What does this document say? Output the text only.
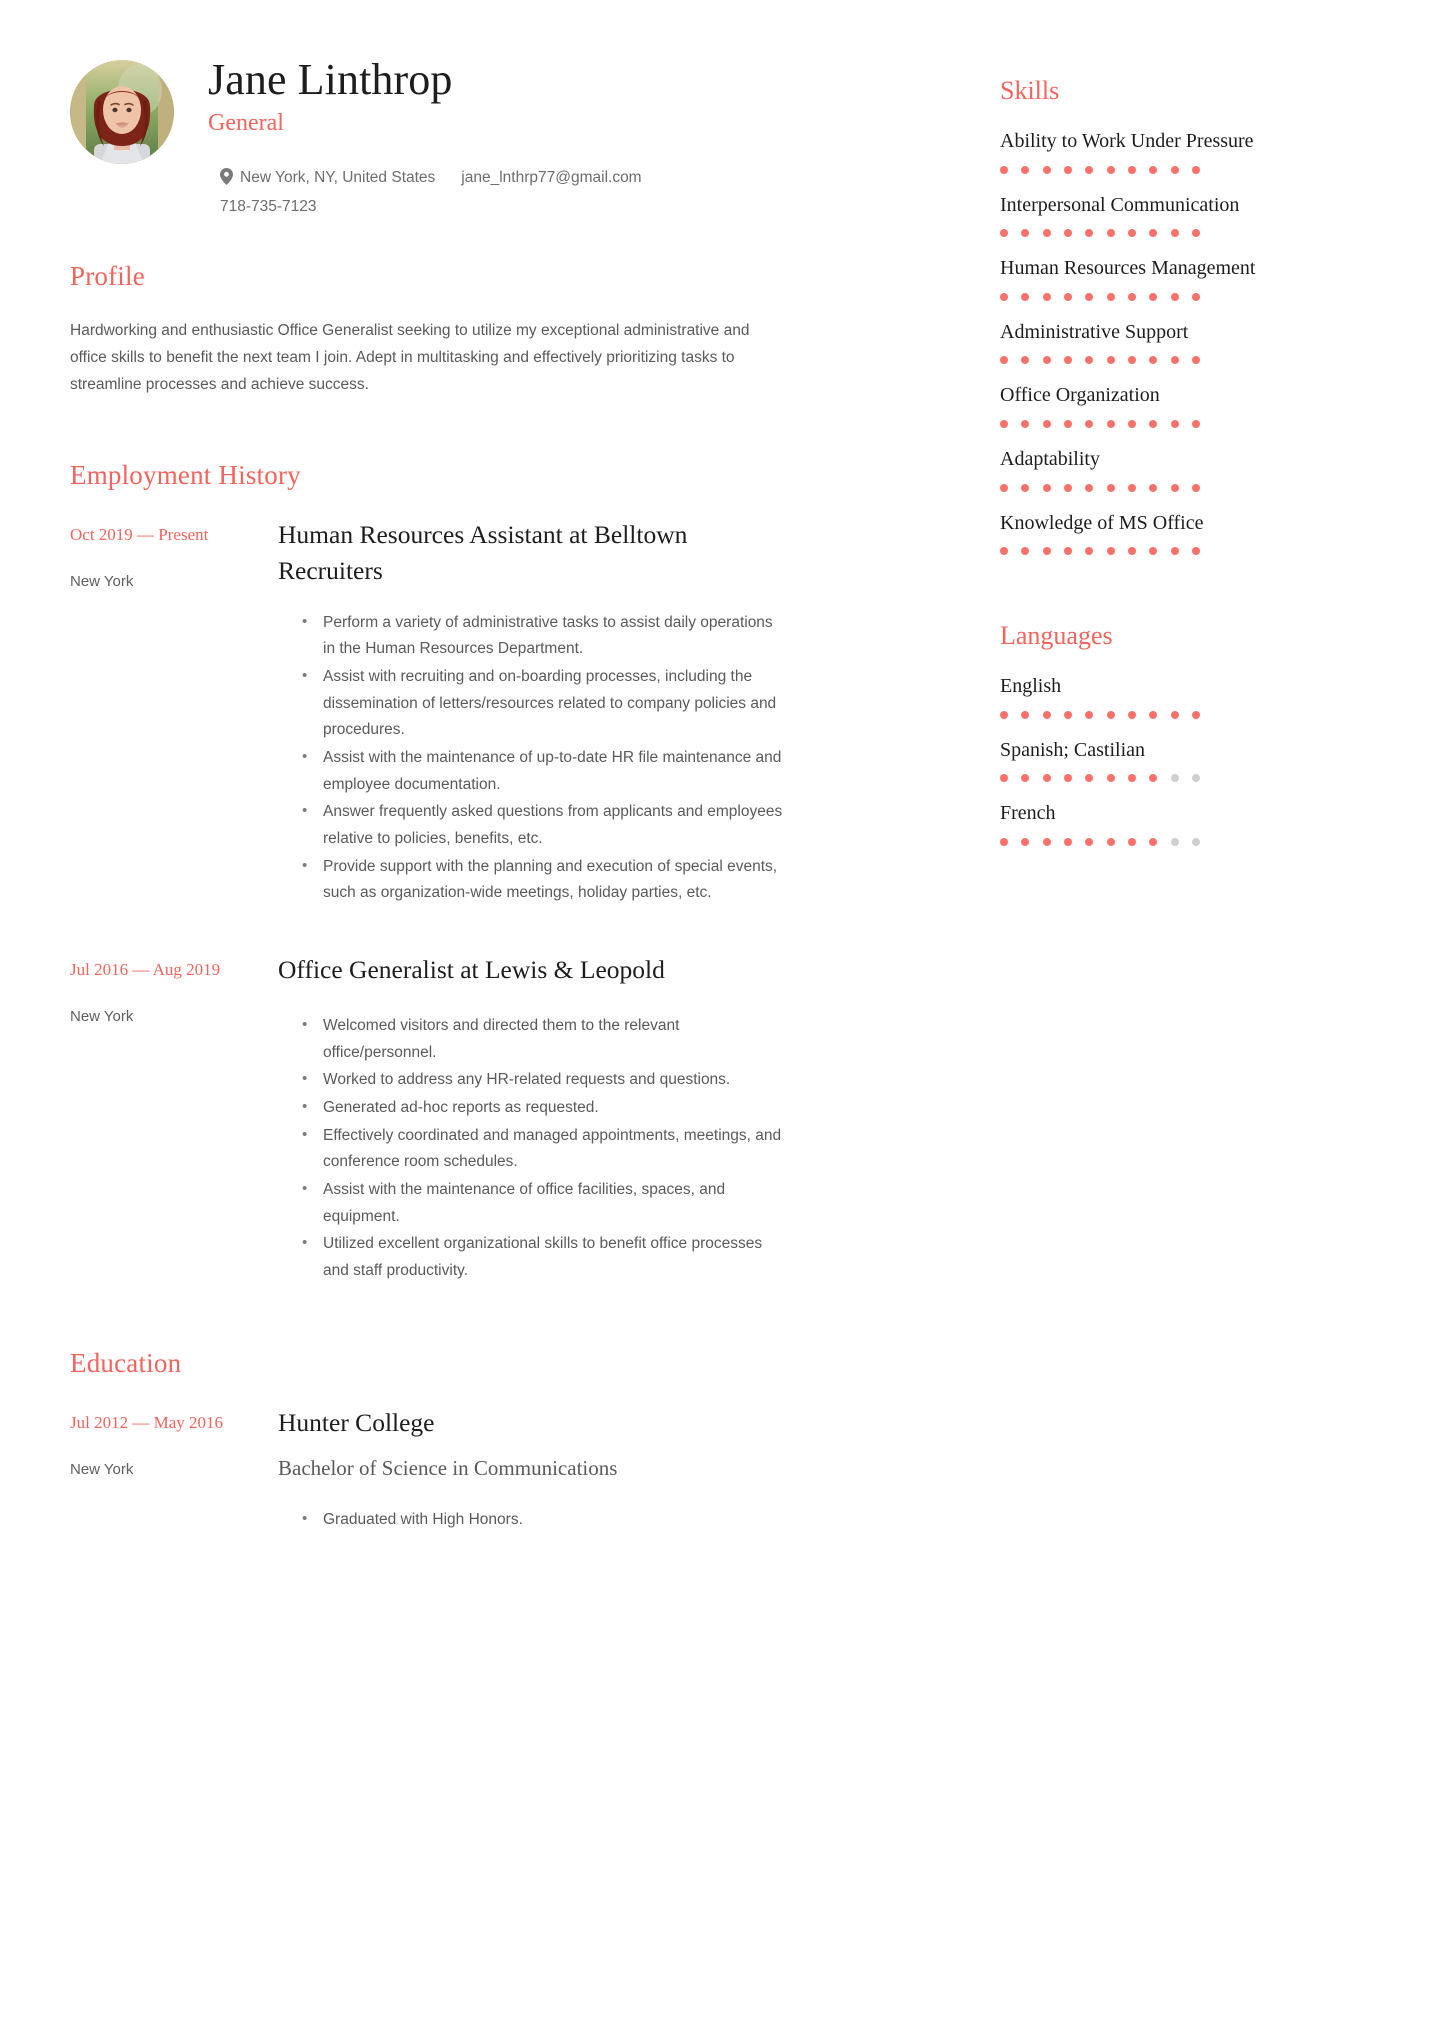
Jane Linthrop
General
New York, NY, United States jane_lnthrp77@gmail.com
718-735-7123
Profile

Hardworking and enthusiastic Office Generalist seeking to utilize my exceptional administrative and office skills to benefit the next team I join. Adept in multitasking and effectively prioritizing tasks to streamline processes and achieve success.

Employment History

Oct 2019 — Present

New York

Human Resources Assistant at Belltown Recruiters
• Perform a variety of administrative tasks to assist daily operations in the Human Resources Department.
• Assist with recruiting and on-boarding processes, including the dissemination of letters/resources related to company policies and procedures.
• Assist with the maintenance of up-to-date HR file maintenance and employee documentation.
• Answer frequently asked questions from applicants and employees relative to policies, benefits, etc.
• Provide support with the planning and execution of special events, such as organization-wide meetings, holiday parties, etc.

Jul 2016 — Aug 2019

New York

Office Generalist at Lewis & Leopold
• Welcomed visitors and directed them to the relevant office/personnel.
• Worked to address any HR-related requests and questions.
• Generated ad-hoc reports as requested.
• Effectively coordinated and managed appointments, meetings, and conference room schedules.
• Assist with the maintenance of office facilities, spaces, and equipment.
• Utilized excellent organizational skills to benefit office processes and staff productivity.
Education

Jul 2012 — May 2016

New York

Hunter College

Bachelor of Science in Communications

• Graduated with High Honors.
Skills

Ability to Work Under Pressure

Interpersonal Communication

Human Resources Management

Administrative Support

Office Organization

Adaptability

Knowledge of MS Office

Languages

English

Spanish; Castilian

French
